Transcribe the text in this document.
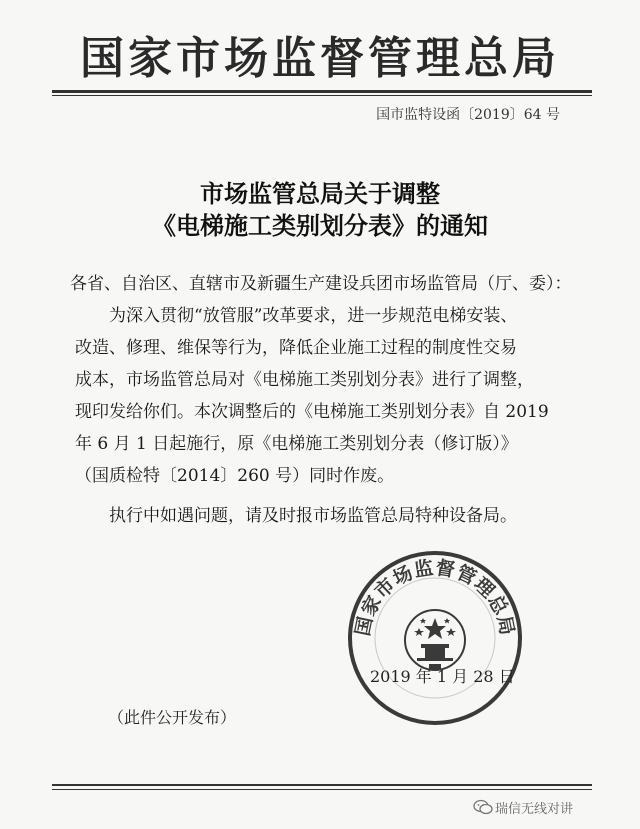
国家市场监督管理总局
国市监特设函〔2019〕64 号
市场监管总局关于调整
《电梯施工类别划分表》的通知
各省、自治区、直辖市及新疆生产建设兵团市场监管局（厅、委）：
　　为深入贯彻“放管服”改革要求，进一步规范电梯安装、
改造、修理、维保等行为，降低企业施工过程的制度性交易
成本，市场监管总局对《电梯施工类别划分表》进行了调整，
现印发给你们。本次调整后的《电梯施工类别划分表》自 2019
年 6 月 1 日起施行，原《电梯施工类别划分表（修订版）》
（国质检特〔2014〕260 号）同时作废。
　　执行中如遇问题，请及时报市场监管总局特种设备局。
国家市场监督管理总局
2019 年 1 月 28 日
（此件公开发布）
瑞信无线对讲
